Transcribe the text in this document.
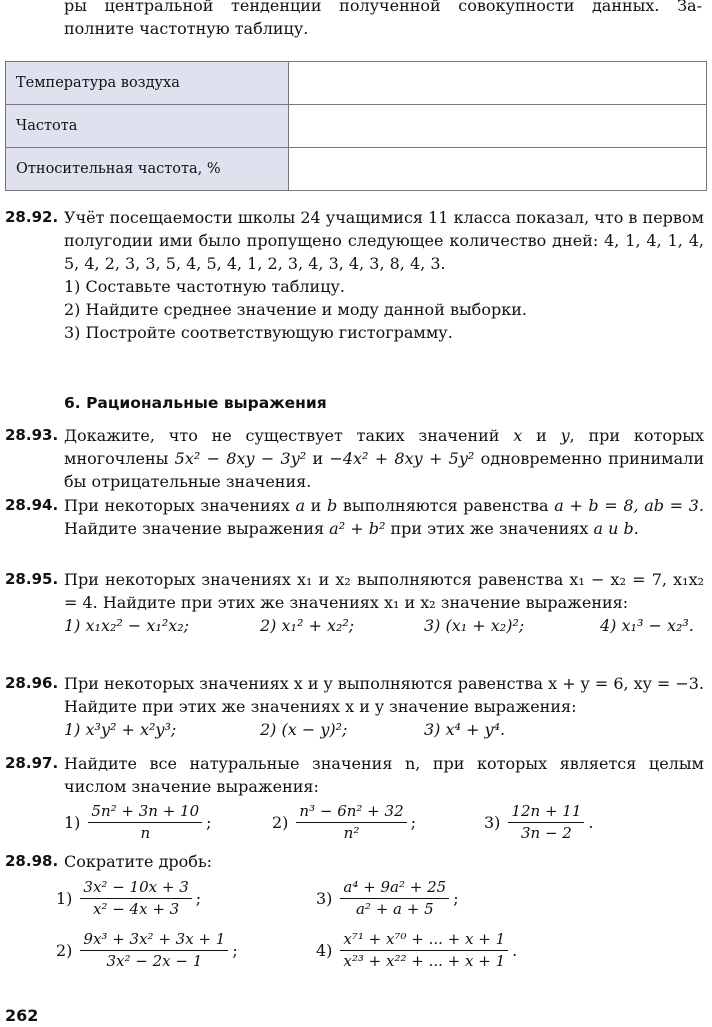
ры центральной тенденции полученной совокупности данных. За-
полните частотную таблицу.
Температура воздуха	
Частота	
Относительная частота, %	
28.92. Учёт посещаемости школы 24 учащимися 11 класса показал, что в первом полугодии ими было пропущено следующее количество дней: 4, 1, 4, 1, 4, 5, 4, 2, 3, 3, 5, 4, 5, 4, 1, 2, 3, 4, 3, 4, 3, 8, 4, 3.
1) Составьте частотную таблицу.
2) Найдите среднее значение и моду данной выборки.
3) Постройте соответствующую гистограмму.
6. Рациональные выражения
28.93. Докажите, что не существует таких значений x и y, при которых многочлены 5x² − 8xy − 3y² и −4x² + 8xy + 5y² одновременно принимали бы отрицательные значения.
28.94. При некоторых значениях a и b выполняются равенства a + b = 8, ab = 3. Найдите значение выражения a² + b² при этих же значениях a и b.
28.95. При некоторых значениях x₁ и x₂ выполняются равенства x₁ − x₂ = 7, x₁x₂ = 4. Найдите при этих же значениях x₁ и x₂ значение выражения:
1) x₁x₂² − x₁²x₂;	2) x₁² + x₂²;	3) (x₁ + x₂)²;	4) x₁³ − x₂³.
28.96. При некоторых значениях x и y выполняются равенства x + y = 6, xy = −3. Найдите при этих же значениях x и y значение выражения:
1) x³y² + x²y³;	2) (x − y)²;	3) x⁴ + y⁴.
28.97. Найдите все натуральные значения n, при которых является целым числом значение выражения:
$1) \frac{\text{5n² + 3n + 10}}{n}$ ;	$2) \frac{\text{n³ − 6n² + 32}}{\text{n²}}$ ;	$3) \frac{12n + 11}{3n - 2}$ .
28.98. Сократите дробь:
$1) \frac{\text{3x² − 10x + 3}}{\text{x² − 4x + 3}}$ ;	$3) \frac{\text{a⁴ + 9a² + 25}}{\text{a² + a + 5}}$ ;
$2) \frac{\text{9x³ + 3x² + 3x + 1}}{\text{3x² − 2x − 1}}$ ;	$4) \frac{\text{x⁷¹ + x⁷⁰ + ... + x + 1}}{\text{x²³ + x²² + ... + x + 1}}$ .
262
